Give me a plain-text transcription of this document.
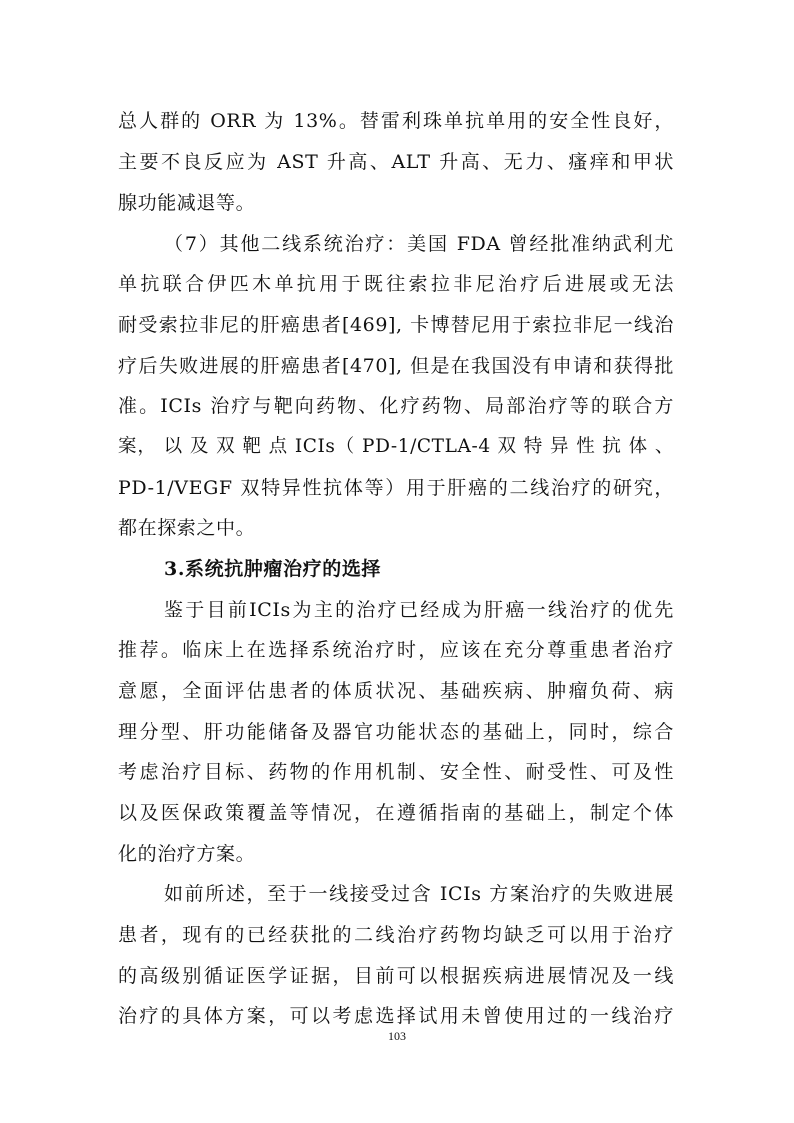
总人群的 ORR 为 13%。替雷利珠单抗单用的安全性良好，
主要不良反应为 AST 升高、ALT 升高、无力、瘙痒和甲状
腺功能减退等。
（7）其他二线系统治疗：美国 FDA 曾经批准纳武利尤
单抗联合伊匹木单抗用于既往索拉非尼治疗后进展或无法
耐受索拉非尼的肝癌患者[469], 卡博替尼用于索拉非尼一线治
疗后失败进展的肝癌患者[470], 但是在我国没有申请和获得批
准。ICIs 治疗与靶向药物、化疗药物、局部治疗等的联合方
案， 以 及 双 靶 点 ICIs（ PD-1/CTLA-4 双 特 异 性 抗 体 、
PD-1/VEGF 双特异性抗体等）用于肝癌的二线治疗的研究，
都在探索之中。
3.系统抗肿瘤治疗的选择
鉴于目前ICIs为主的治疗已经成为肝癌一线治疗的优先
推荐。临床上在选择系统治疗时，应该在充分尊重患者治疗
意愿，全面评估患者的体质状况、基础疾病、肿瘤负荷、病
理分型、肝功能储备及器官功能状态的基础上，同时，综合
考虑治疗目标、药物的作用机制、安全性、耐受性、可及性
以及医保政策覆盖等情况，在遵循指南的基础上，制定个体
化的治疗方案。
如前所述，至于一线接受过含 ICIs 方案治疗的失败进展
患者，现有的已经获批的二线治疗药物均缺乏可以用于治疗
的高级别循证医学证据，目前可以根据疾病进展情况及一线
治疗的具体方案，可以考虑选择试用未曾使用过的一线治疗
103
